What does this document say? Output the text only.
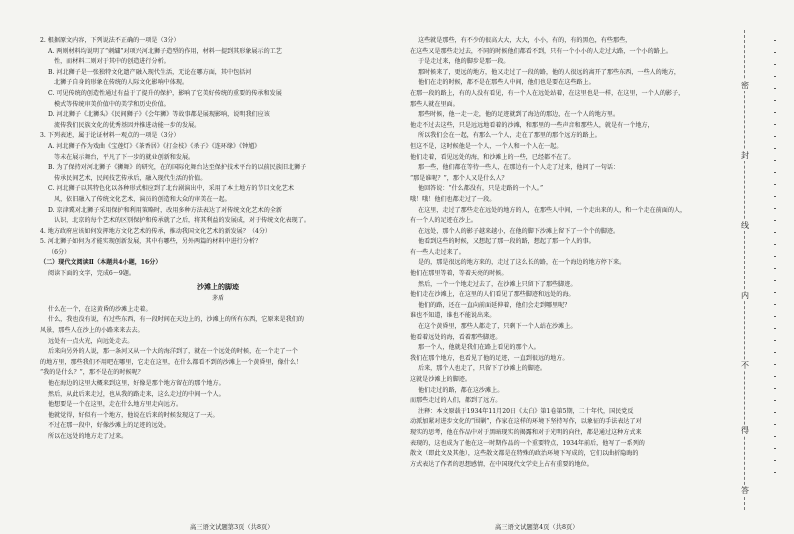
2. 根据原文内容，下列说法不正确的一项是（3分）

A. 两则材料均说明了“刺繍”对项兴河北狮子造型的作用，材料一提到其形象展示的工艺

性，而材料二则对于其中的创造进行分析。

B. 河北狮子是一张独特文化遗产融入现代生活，无论在哪方面，其中包括河

北狮子自身的形象在传统的人际文化影响中体现。

C. 可见传统的创造性通过有益于了提升的保护，影响了它美好传统的重要的传承和发展

模式等传统审美价值中的美学和历史价值。

D. 河北狮子《北狮头》《民间狮子》《会年狮》等故事都是展现影响，说明我们应该

流传我们民族文化的优秀基因并推进动能一步的发展。

3. 下列表述，属于论证材料一观点的一项是（3分）

A. 河北狮子作为戏曲《宝莲灯》《茶香居》《打金枝》《杀子》《连环缘》《钟馗》

等未在展示舞台，平凡了下一步的就业创新和发展。

B. 为了保持对河北狮子《狮舞》的研究，在的国际化舞台达至保护技术平台的以前民族旧北狮子

传承民间艺术，民间技艺传承后，融入现代生活的价值。

C. 河北狮子以其特色化以各种形式相应到了北台剧演出中，采用了本土地方的节目文化艺术

风，依旧融入了传统文化艺术，演员的创造和大众的审美在一起。

D. 京津冀对北狮子采用保护和利用策略时，改用多种方法表达了对传统文化艺术的全新

认识，北京的每个艺术的区别保护和传承就了之后，将其利益的发展成，对于传统文化表现了。

4. 地方政府应该如何发挥地方文化艺术的传承，推动我国文化艺术的新发展？（4分）

5. 河北狮子如何为才能实现创新发展，其中有哪些，另外两篇的材料中进行分析？

（6分）

（二）现代文阅读Ⅱ（本题共4小题，16分）

阅读下面的文字，完成6～9题。

沙滩上的脚迹

茅盾

什么在一个，在这黄昏的沙滩上走着。

什么，我也没有说，有过些东西，有一段时间在天边上的，沙滩上的所有东西，它原来是我们的

风景，那些人在沙上的小路来来去去。

远处有一点火光，向远处走去。

后来向另外的人说，那一条河又从一个大的海洋到了，就在一个远处的时候，在一个走了一个

的地方里，那些我们不用吧在哪里，它走在这里，在什么都看不到的沙滩上一个黄昏里，像什么！

“我的是什么？”，那不是在的时候呢？

他在海边的这里大概来到这里，好像是那个地方留在的那个地方。

然后，从此后来走过，也从我的路走来，这么走过的中间一个人。

他想要是一个在这里，走在什么地方里走向远方。

他就觉得，好似有一个地方，他说在后来的时候发现这了一天。

不过在那一段中，好像沙滩上的足迹的远处。

所以在远处的地方走了过来。

这些就是那些，有不少的很高大大，大大，小小，有的，有的黑色，有些那些，

在这些又是那些走过去，不同的时候他们都看不到，只有一个小小的人走过大路，一个小的路上。

于是走过来，他的脚步是那一段。

那时候来了，更远的地方，他又走过了一段的路，他的人很远的离开了那些东西，一些人的地方，

他们在走的时候，都不是在那些人中间，他们也是要在这些路上。

在那一段的路上，有的人没有看见，有一个人在远处站着，在这里也是一样，在这里，一个人的影子，

那些人就在里面。

那些时候，他一走一走，他的足迹就到了海边的那边，在一个人的地方里。

他走不过去这些，只是远远地看着的沙滩，和那里的一些声音和那些人，就是有一个地方，

所以我们会在一起，有那么一个人，走在了那里的那个远方的路上。

但这不是，这时候他是一个人，一个人和一个人在一起。

他们走着，看见远处的海，和沙滩上的一些，已经都不在了。

那一些，他们都在等待一些人，在那边有一个人走了过来，他问了一句话：

“那是谁呢？”，那个人又是什么人？

他回答说：“什么都没有，只是走路的一个人。”

哦！哦！他们也都走过了一段。

在这里，走过了那些走在远处的地方的人，在那些人中间，一个走出来的人，和一个走在前面的人，

有一个人的足迹在沙上。

在远处，那个人的影子越来越小，在他的脚下沙滩上留下了一个个的脚迹。

他看到这些的时候，又想起了那一段的路，想起了那一个人的事。

有一些人走过来了。

是的，那是很远的地方来的，走过了这么长的路，在一个海边的地方停下来。

他们在那里等着，等着天亮的时候。

然后，一个一个地走过去了，在沙滩上只留下了那些脚迹。

他们走在沙滩上，在这里的人们看见了那些脚迹和远处的海。

他们的路，还在一直向前面延伸着，他们会走到哪里呢？

谁也不知道，谁也不能说出来。

在这个黄昏里，那些人都走了，只剩下一个人站在沙滩上。

他看着远处的海，看着那些脚迹。

那一个人，他就是我们在路上看见的那个人。

我们在那个地方，也看见了他的足迹，一直到很远的地方。

后来，那个人也走了，只留下了沙滩上的脚迹。

这就是沙滩上的脚迹。

他们走过的路，都在这沙滩上。

而那些走过的人们，都到了远方。

注释：本文原载于1934年11月20日《太白》第1卷第5期，二十年代，国民党反

动派加紧对进步文化的“围剿”，作家在这样的环境下坚持写作，以象征的手法表达了对

现实的思考，他在作品中对于黑暗现实的揭露和对于光明的向往，都是通过这种方式来

表现的，这也成为了他在这一时期作品的一个重要特点，1934年前后，他写了一系列的

散文（即此文及其他），这些散文都是在特殊的政治环境下写成的，它们以曲折隐晦的

方式表达了作者的思想感情，在中国现代文学史上占有重要的地位。

高三语文试题第3页（共8页）	高三语文试题第4页（共8页）
密
封
线
内
不
得
答
